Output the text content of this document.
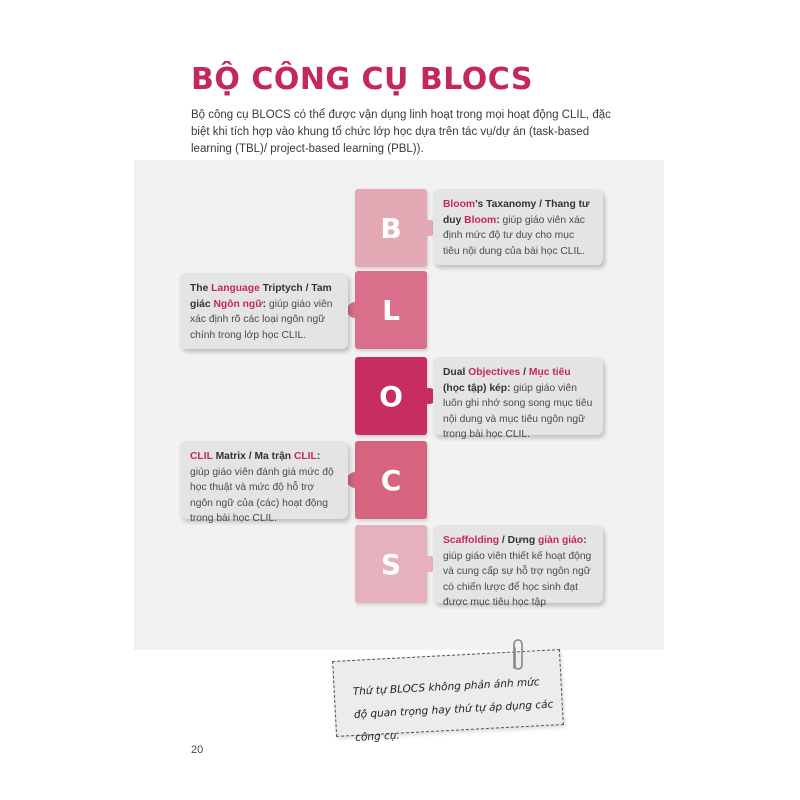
BỘ CÔNG CỤ BLOCS

Bộ công cụ BLOCS có thể được vận dụng linh hoạt trong mọi hoạt động CLIL, đặc biệt khi tích hợp vào khung tổ chức lớp học dựa trên tác vụ/dự án (task-based learning (TBL)/ project-based learning (PBL)).

B
L
O
C
S
Bloom’s Taxanomy / Thang tư duy Bloom: giúp giáo viên xác định mức độ tư duy cho mục tiêu nội dung của bài học CLIL.
The Language Triptych / Tam giác Ngôn ngữ: giúp giáo viên xác định rõ các loại ngôn ngữ chính trong lớp học CLIL.
Dual Objectives / Mục tiêu (học tập) kép: giúp giáo viên luôn ghi nhớ song song mục tiêu nội dung và mục tiêu ngôn ngữ trong bài học CLIL.
CLIL Matrix / Ma trận CLIL: giúp giáo viên đánh giá mức độ học thuật và mức độ hỗ trợ ngôn ngữ của (các) hoạt động trong bài học CLIL.
Scaffolding / Dựng giàn giáo: giúp giáo viên thiết kế hoạt động và cung cấp sự hỗ trợ ngôn ngữ có chiến lược để học sinh đạt được mục tiêu học tập

Thứ tự BLOCS không phản ánh mức độ quan trọng hay thứ tự áp dụng các công cụ.

20
